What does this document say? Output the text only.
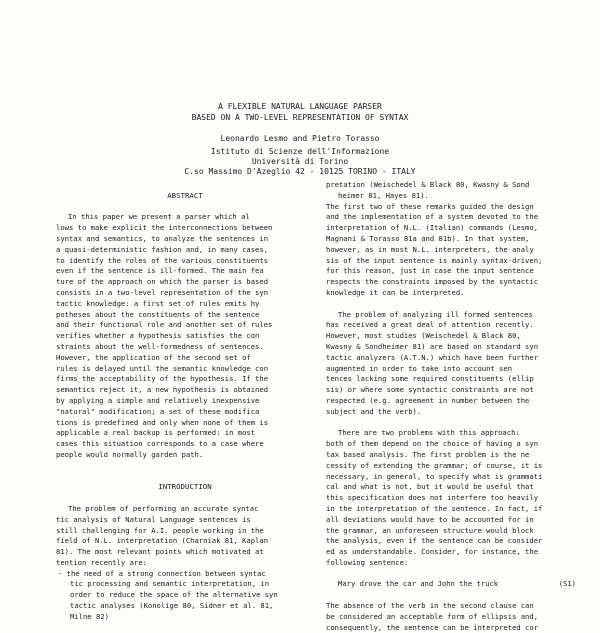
A FLEXIBLE NATURAL LANGUAGE PARSER
BASED ON A TWO-LEVEL REPRESENTATION OF SYNTAX
Leonardo Lesmo and Pietro Torasso
Istituto di Scienze dell'Informazione
Università di Torino
C.so Massimo D'Azeglio 42 - 10125 TORINO - ITALY
ABSTRACT
In this paper we present a parser which al
lows to make explicit the interconnections between
syntax and semantics, to analyze the sentences in
a quasi-deterministic fashion and, in many cases,
to identify the roles of the various constituents
even if the sentence is ill-formed. The main fea
ture of the approach on which the parser is based
consists in a two-level representation of the syn
tactic knowledge: a first set of rules emits hy
potheses about the constituents of the sentence
and their functional role and another set of rules
verifies whether a hypothesis satisfies the con
straints about the well-formedness of sentences.
However, the application of the second set of
rules is delayed until the semantic knowledge con
firms the acceptability of the hypothesis. If the
semantics reject it, a new hypothesis is obtained
by applying a simple and relatively inexpensive
"natural" modification; a set of these modifica
tions is predefined and only when none of them is
applicable a real backup is performed: in most
cases this situation corresponds to a case where
people would normally garden path.
INTRODUCTION
The problem of performing an accurate syntac
tic analysis of Natural Language sentences is
still challenging for A.I. people working in the
field of N.L. interpretation (Charniak 81, Kaplan
81). The most relevant points which motivated at
tention recently are:
- the need of a strong connection between syntac
tic processing and semantic interpretation, in
order to reduce the space of the alternative syn
tactic analyses (Konolige 80, Sidner et al. 81,
Milne 82)
pretation (Weischedel & Black 80, Kwasny & Sond
heimer 81, Hayes 81).
The first two of these remarks guided the design
and the implementation of a system devoted to the
interpretation of N.L. (Italian) commands (Lesmo,
Magnani & Torasso 81a and 81b). In that system,
however, as in most N.L. interpreters, the analy
sis of the input sentence is mainly syntax-driven;
for this reason, just in case the input sentence
respects the constraints imposed by the syntactic
knowledge it can be interpreted.
The problem of analyzing ill formed sentences
has received a great deal of attention recently.
However, most studies (Weischedel & Black 80,
Kwasny & Sondheimer 81) are based on standard syn
tactic analyzers (A.T.N.) which have been further
augmented in order to take into account sen
tences lacking some required constituents (ellip
sis) or where some syntactic constraints are not
respected (e.g. agreement in number between the
subject and the verb).
There are two problems with this approach:
both of them depend on the choice of having a syn
tax based analysis. The first problem is the ne
cessity of extending the grammar; of course, it is
necessary, in general, to specify what is grammati
cal and what is not, but it would be useful that
this specification does not interfere too heavily
in the interpretation of the sentence. In fact, if
all deviations would have to be accounted for in
the grammar, an unforeseen structure would block
the analysis, even if the sentence can be consider
ed as understandable. Consider, for instance, the
following sentence:
Mary drove the car and John the truck	(S1)
The absence of the verb in the second clause can
be considered an acceptable form of ellipsis and,
consequently, the sentence can be interpreted cor
